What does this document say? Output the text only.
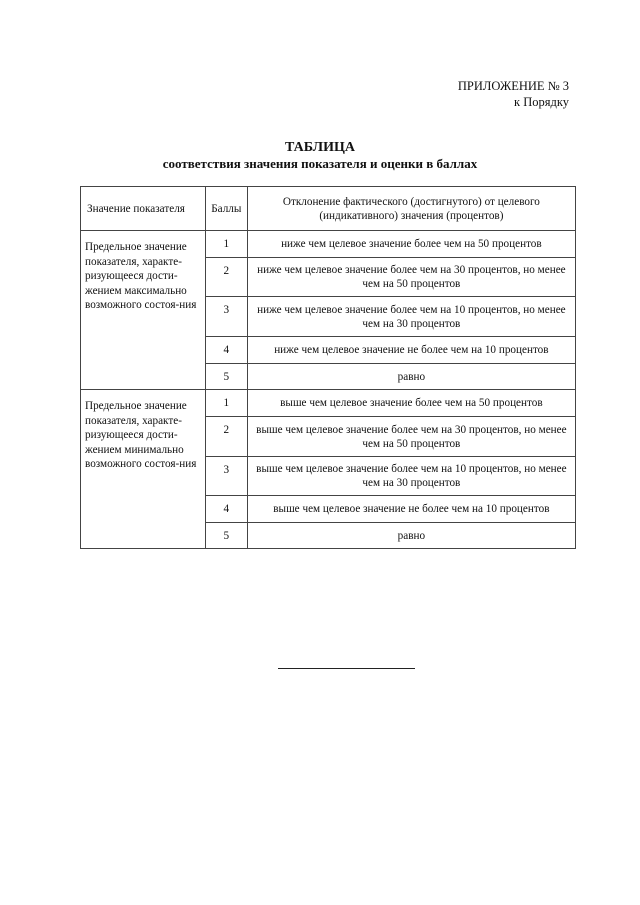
ПРИЛОЖЕНИЕ № 3
к Порядку
ТАБЛИЦА
соответствия значения показателя и оценки в баллах
Значение показателя	Баллы	Отклонение фактического (достигнутого) от целевого (индикативного) значения (процентов)
Предельное значение показателя, характе-ризующееся дости-жением максимально возможного состоя-ния	1	ниже чем целевое значение более чем на 50 процентов
	2	ниже чем целевое значение более чем на 30 процентов, но менее чем на 50 процентов
	3	ниже чем целевое значение более чем на 10 процентов, но менее чем на 30 процентов
	4	ниже чем целевое значение не более чем на 10 процентов
	5	равно
Предельное значение показателя, характе-ризующееся дости-жением минимально возможного состоя-ния	1	выше чем целевое значение более чем на 50 процентов
	2	выше чем целевое значение более чем на 30 процентов, но менее чем на 50 процентов
	3	выше чем целевое значение более чем на 10 процентов, но менее чем на 30 процентов
	4	выше чем целевое значение не более чем на 10 процентов
	5	равно
